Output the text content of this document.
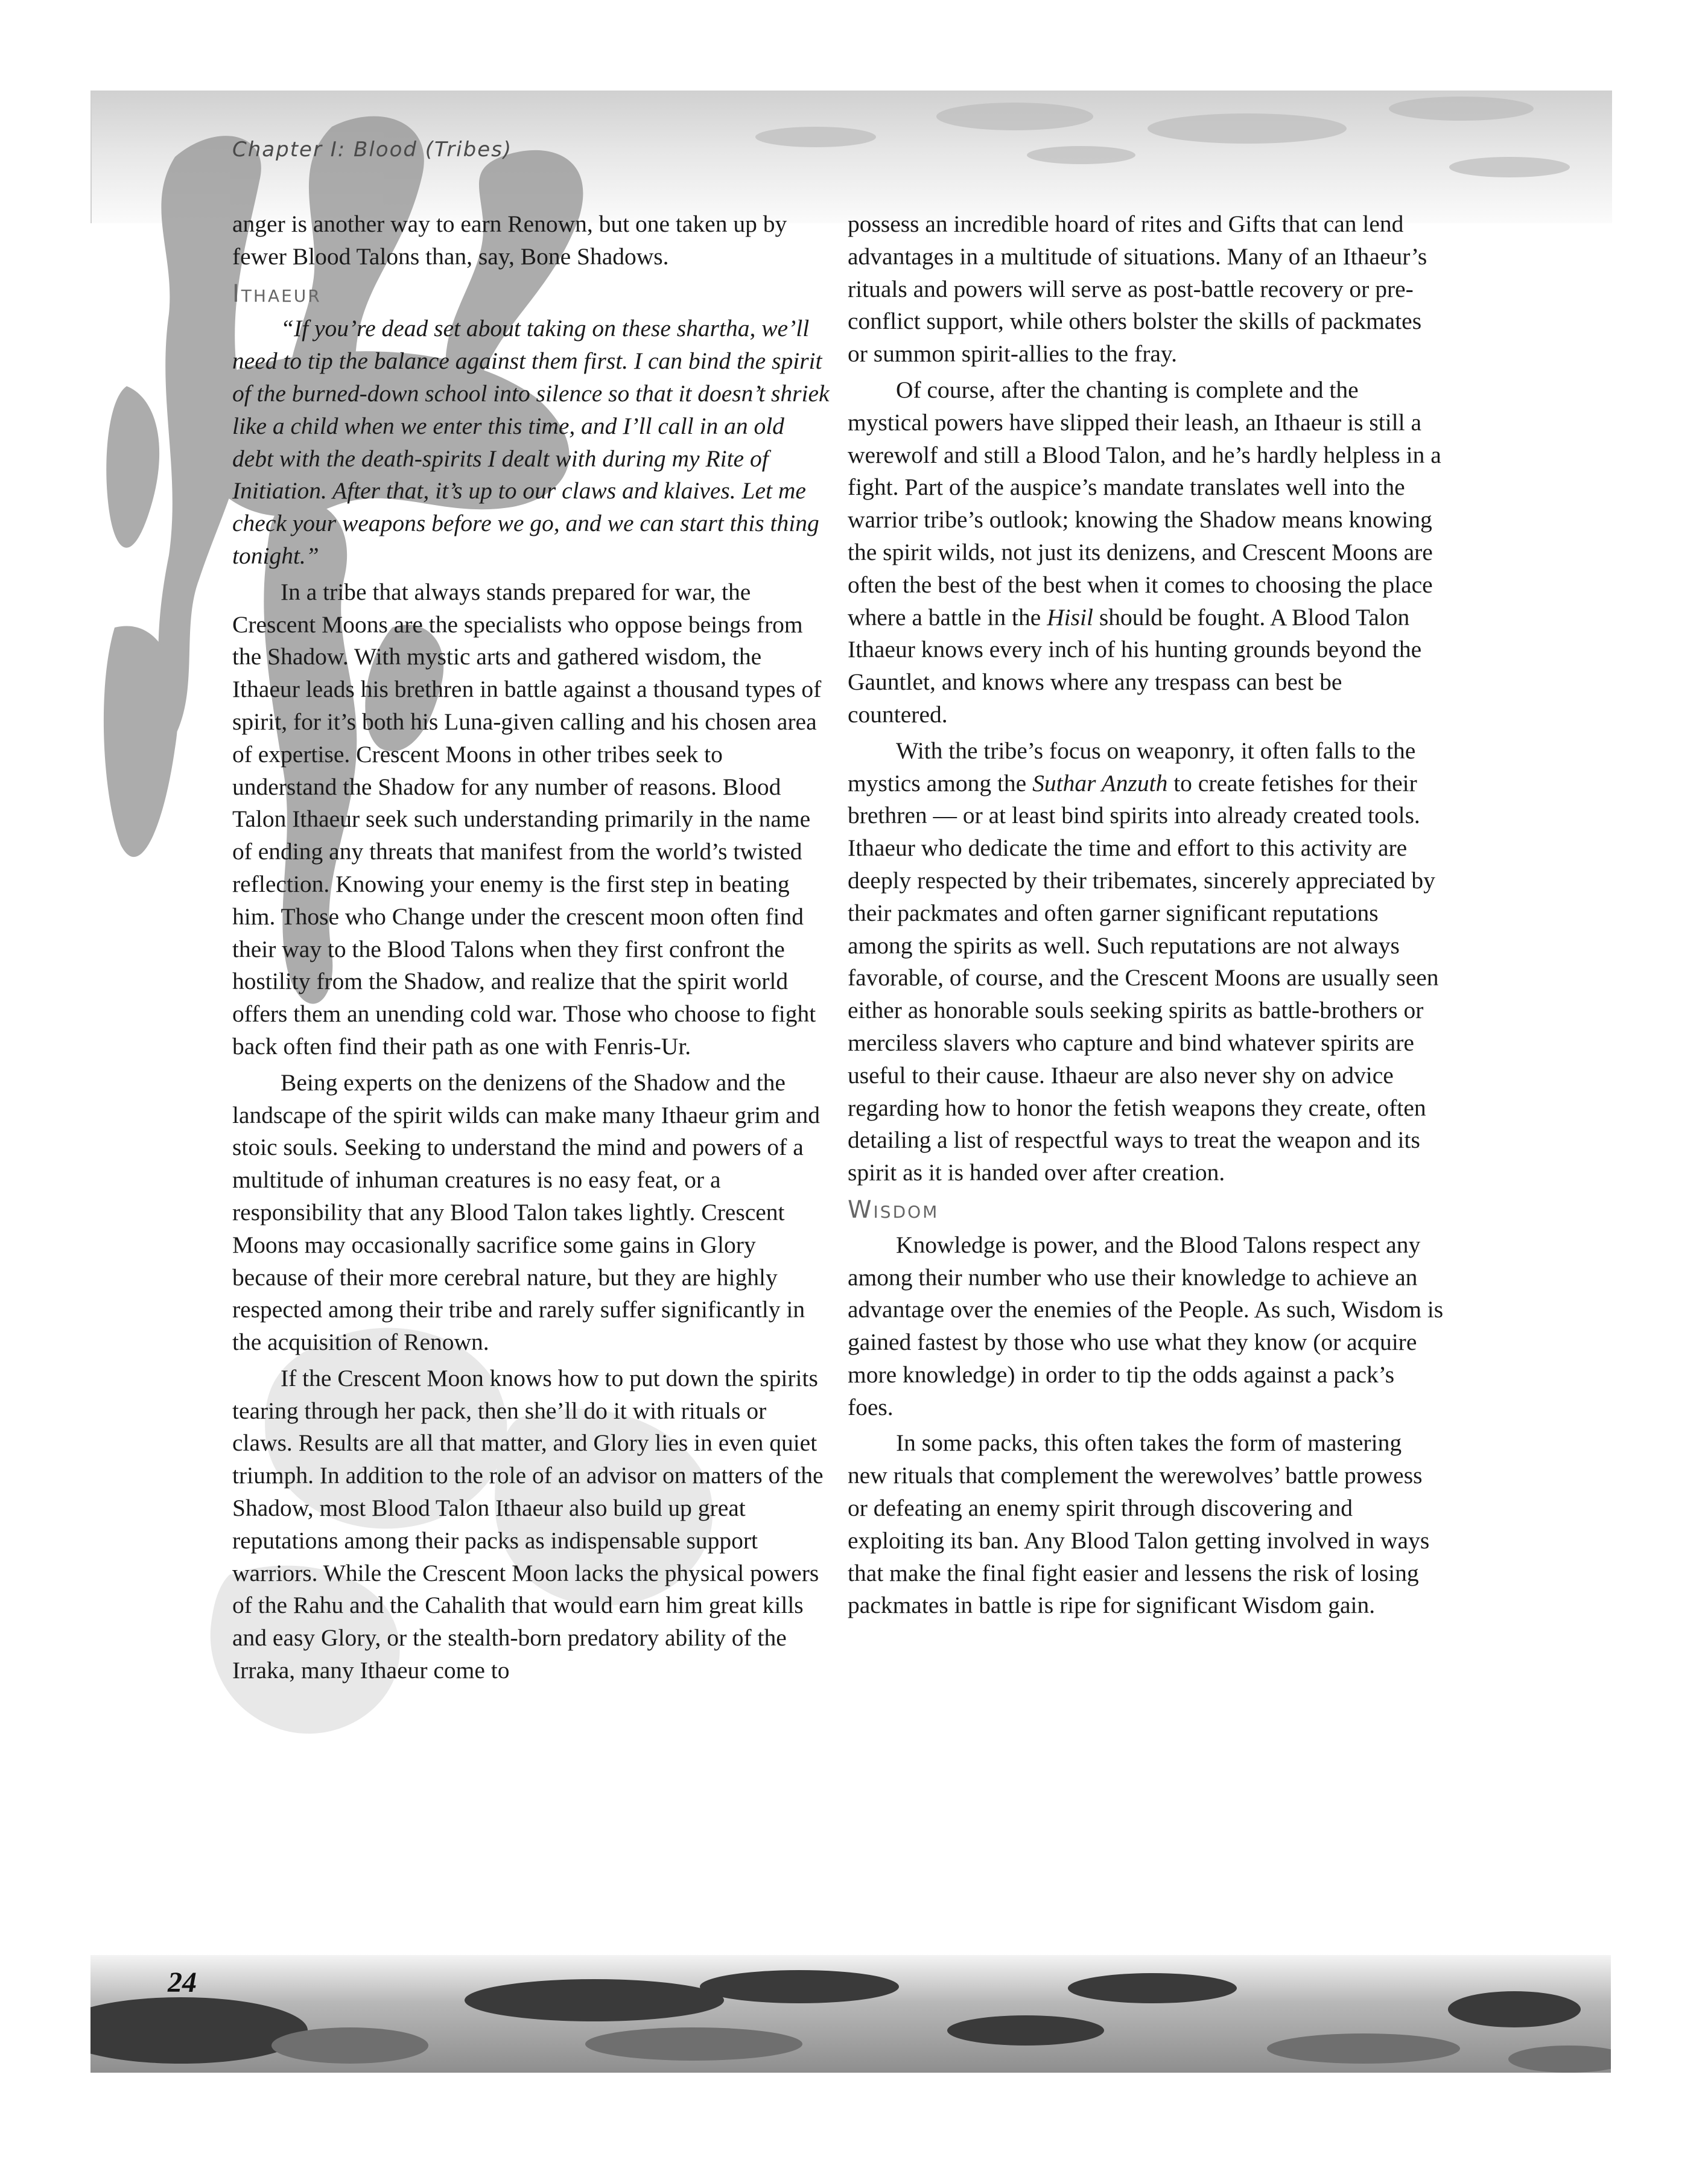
Chapter I: Blood (Tribes)

anger is another way to earn Renown, but one taken up by fewer Blood Talons than, say, Bone Shadows.

Ithaeur

“If you’re dead set about taking on these shartha, we’ll need to tip the balance against them first. I can bind the spirit of the burned-down school into silence so that it doesn’t shriek like a child when we enter this time, and I’ll call in an old debt with the death-spirits I dealt with during my Rite of Initiation. After that, it’s up to our claws and klaives. Let me check your weapons before we go, and we can start this thing tonight.”

In a tribe that always stands prepared for war, the Crescent Moons are the specialists who oppose beings from the Shadow. With mystic arts and gathered wisdom, the Ithaeur leads his brethren in battle against a thousand types of spirit, for it’s both his Luna-given calling and his chosen area of expertise. Crescent Moons in other tribes seek to understand the Shadow for any number of reasons. Blood Talon Ithaeur seek such understanding primarily in the name of ending any threats that manifest from the world’s twisted reflection. Knowing your enemy is the first step in beating him. Those who Change under the crescent moon often find their way to the Blood Talons when they first confront the hostility from the Shadow, and realize that the spirit world offers them an unending cold war. Those who choose to fight back often find their path as one with Fenris-Ur.

Being experts on the denizens of the Shadow and the landscape of the spirit wilds can make many Ithaeur grim and stoic souls. Seeking to understand the mind and powers of a multitude of inhuman creatures is no easy feat, or a responsibility that any Blood Talon takes lightly. Crescent Moons may occasionally sacrifice some gains in Glory because of their more cerebral nature, but they are highly respected among their tribe and rarely suffer significantly in the acquisition of Renown.

If the Crescent Moon knows how to put down the spirits tearing through her pack, then she’ll do it with rituals or claws. Results are all that matter, and Glory lies in even quiet triumph. In addition to the role of an advisor on matters of the Shadow, most Blood Talon Ithaeur also build up great reputations among their packs as indispensable support warriors. While the Crescent Moon lacks the physical powers of the Rahu and the Cahalith that would earn him great kills and easy Glory, or the stealth-born predatory ability of the Irraka, many Ithaeur come to

possess an incredible hoard of rites and Gifts that can lend advantages in a multitude of situations. Many of an Ithaeur’s rituals and powers will serve as post-battle recovery or pre-conflict support, while others bolster the skills of packmates or summon spirit-allies to the fray.

Of course, after the chanting is complete and the mystical powers have slipped their leash, an Ithaeur is still a werewolf and still a Blood Talon, and he’s hardly helpless in a fight. Part of the auspice’s mandate translates well into the warrior tribe’s outlook; knowing the Shadow means knowing the spirit wilds, not just its denizens, and Crescent Moons are often the best of the best when it comes to choosing the place where a battle in the Hisil should be fought. A Blood Talon Ithaeur knows every inch of his hunting grounds beyond the Gauntlet, and knows where any trespass can best be countered.

With the tribe’s focus on weaponry, it often falls to the mystics among the Suthar Anzuth to create fetishes for their brethren — or at least bind spirits into already created tools. Ithaeur who dedicate the time and effort to this activity are deeply respected by their tribemates, sincerely appreciated by their packmates and often garner significant reputations among the spirits as well. Such reputations are not always favorable, of course, and the Crescent Moons are usually seen either as honorable souls seeking spirits as battle-brothers or merciless slavers who capture and bind whatever spirits are useful to their cause. Ithaeur are also never shy on advice regarding how to honor the fetish weapons they create, often detailing a list of respectful ways to treat the weapon and its spirit as it is handed over after creation.

Wisdom

Knowledge is power, and the Blood Talons respect any among their number who use their knowledge to achieve an advantage over the enemies of the People. As such, Wisdom is gained fastest by those who use what they know (or acquire more knowledge) in order to tip the odds against a pack’s foes.

In some packs, this often takes the form of mastering new rituals that complement the werewolves’ battle prowess or defeating an enemy spirit through discovering and exploiting its ban. Any Blood Talon getting involved in ways that make the final fight easier and lessens the risk of losing packmates in battle is ripe for significant Wisdom gain.

24
